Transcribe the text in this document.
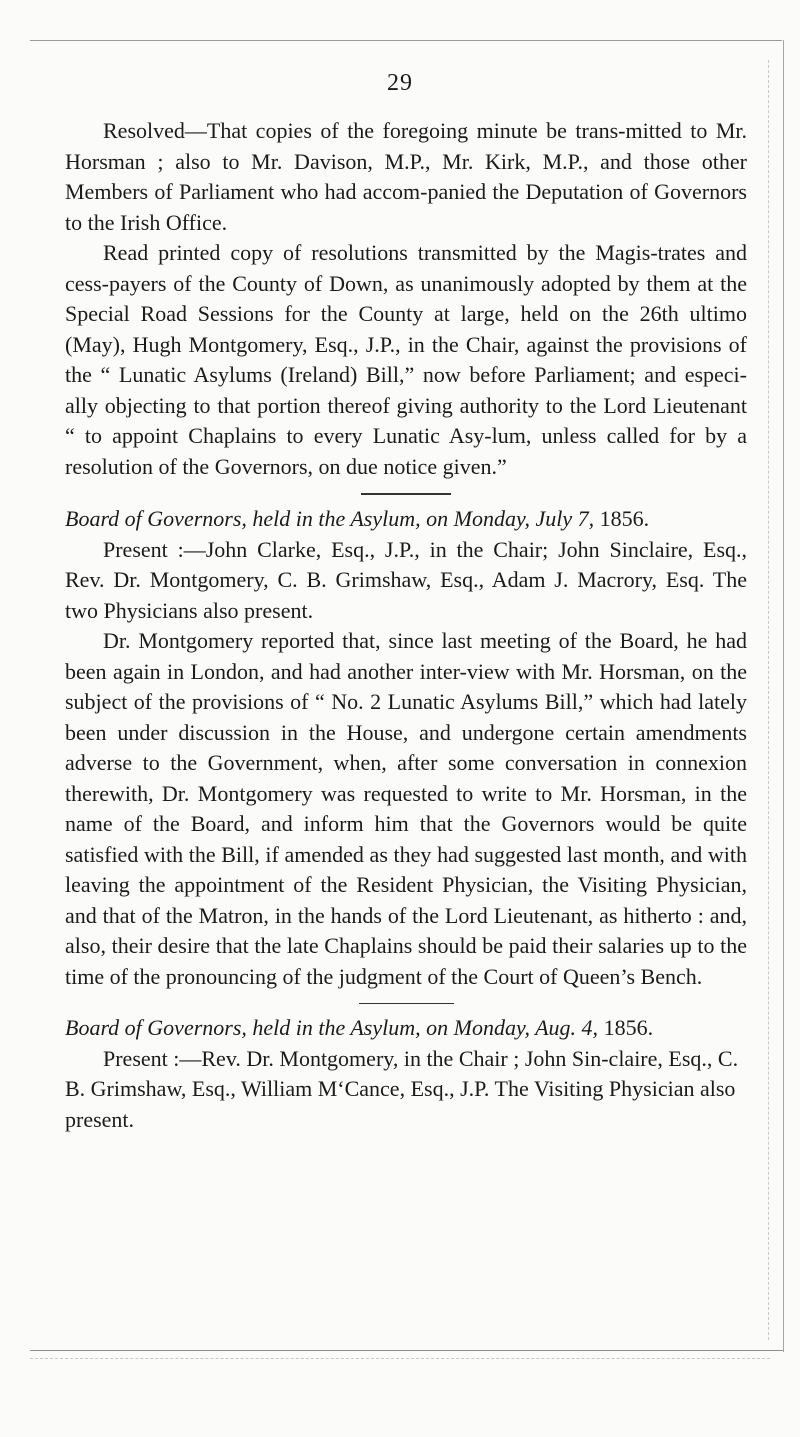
29

Resolved—That copies of the foregoing minute be trans-mitted to Mr. Horsman ; also to Mr. Davison, M.P., Mr. Kirk, M.P., and those other Members of Parliament who had accom-panied the Deputation of Governors to the Irish Office.

Read printed copy of resolutions transmitted by the Magis-trates and cess-payers of the County of Down, as unanimously adopted by them at the Special Road Sessions for the County at large, held on the 26th ultimo (May), Hugh Montgomery, Esq., J.P., in the Chair, against the provisions of the “ Lunatic Asylums (Ireland) Bill,” now before Parliament; and especi-ally objecting to that portion thereof giving authority to the Lord Lieutenant “ to appoint Chaplains to every Lunatic Asy-lum, unless called for by a resolution of the Governors, on due notice given.”

Board of Governors, held in the Asylum, on Monday, July 7, 1856.

Present :—John Clarke, Esq., J.P., in the Chair; John Sinclaire, Esq., Rev. Dr. Montgomery, C. B. Grimshaw, Esq., Adam J. Macrory, Esq. The two Physicians also present.

Dr. Montgomery reported that, since last meeting of the Board, he had been again in London, and had another inter-view with Mr. Horsman, on the subject of the provisions of “ No. 2 Lunatic Asylums Bill,” which had lately been under discussion in the House, and undergone certain amendments adverse to the Government, when, after some conversation in connexion therewith, Dr. Montgomery was requested to write to Mr. Horsman, in the name of the Board, and inform him that the Governors would be quite satisfied with the Bill, if amended as they had suggested last month, and with leaving the appointment of the Resident Physician, the Visiting Physician, and that of the Matron, in the hands of the Lord Lieutenant, as hitherto : and, also, their desire that the late Chaplains should be paid their salaries up to the time of the pronouncing of the judgment of the Court of Queen’s Bench.

Board of Governors, held in the Asylum, on Monday, Aug. 4, 1856.

Present :—Rev. Dr. Montgomery, in the Chair ; John Sin-claire, Esq., C. B. Grimshaw, Esq., William M‘Cance, Esq., J.P. The Visiting Physician also present.
